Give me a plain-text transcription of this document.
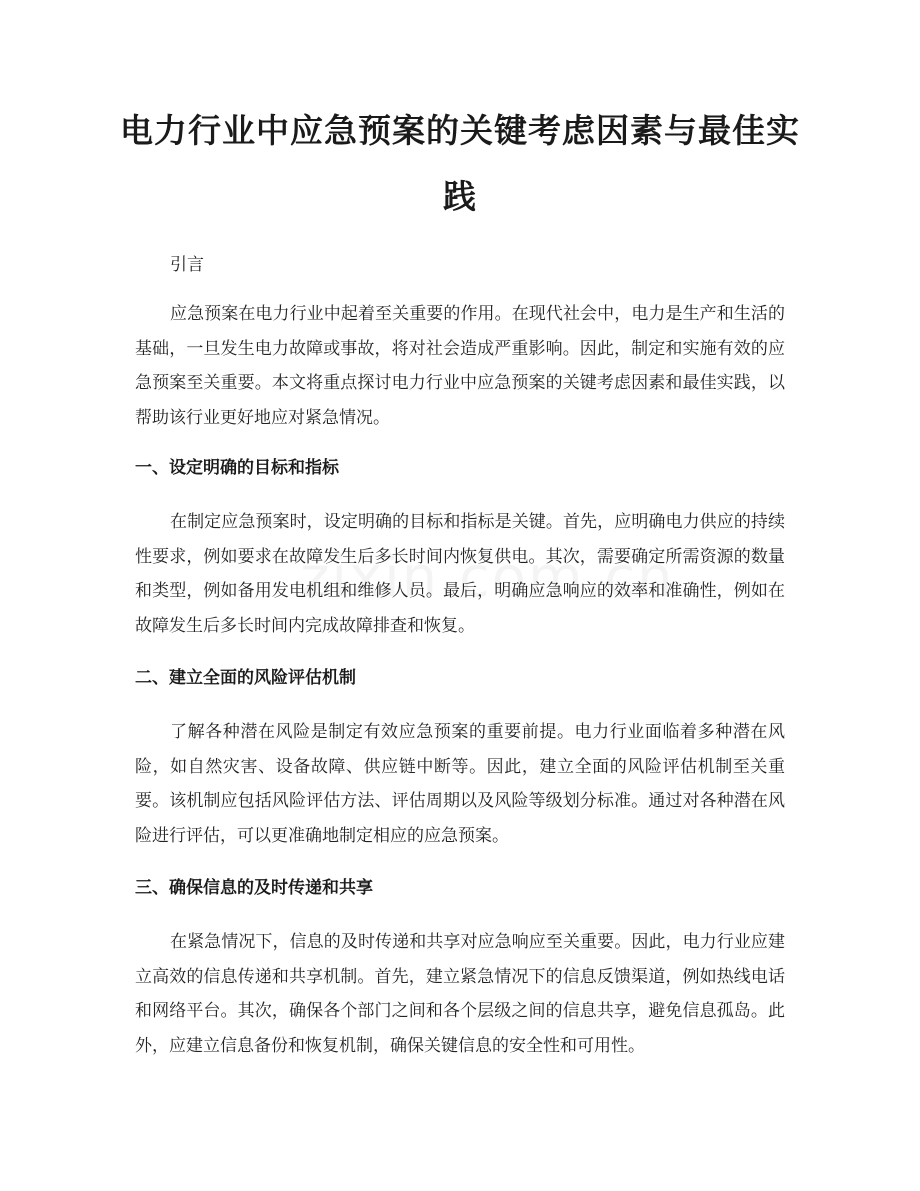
电力行业中应急预案的关键考虑因素与最佳实践
引言

应急预案在电力行业中起着至关重要的作用。在现代社会中，电力是生产和生活的基础，一旦发生电力故障或事故，将对社会造成严重影响。因此，制定和实施有效的应急预案至关重要。本文将重点探讨电力行业中应急预案的关键考虑因素和最佳实践，以帮助该行业更好地应对紧急情况。

一、设定明确的目标和指标

在制定应急预案时，设定明确的目标和指标是关键。首先，应明确电力供应的持续性要求，例如要求在故障发生后多长时间内恢复供电。其次，需要确定所需资源的数量和类型，例如备用发电机组和维修人员。最后，明确应急响应的效率和准确性，例如在故障发生后多长时间内完成故障排查和恢复。

二、建立全面的风险评估机制

了解各种潜在风险是制定有效应急预案的重要前提。电力行业面临着多种潜在风险，如自然灾害、设备故障、供应链中断等。因此，建立全面的风险评估机制至关重要。该机制应包括风险评估方法、评估周期以及风险等级划分标准。通过对各种潜在风险进行评估，可以更准确地制定相应的应急预案。

三、确保信息的及时传递和共享

在紧急情况下，信息的及时传递和共享对应急响应至关重要。因此，电力行业应建立高效的信息传递和共享机制。首先，建立紧急情况下的信息反馈渠道，例如热线电话和网络平台。其次，确保各个部门之间和各个层级之间的信息共享，避免信息孤岛。此外，应建立信息备份和恢复机制，确保关键信息的安全性和可用性。
